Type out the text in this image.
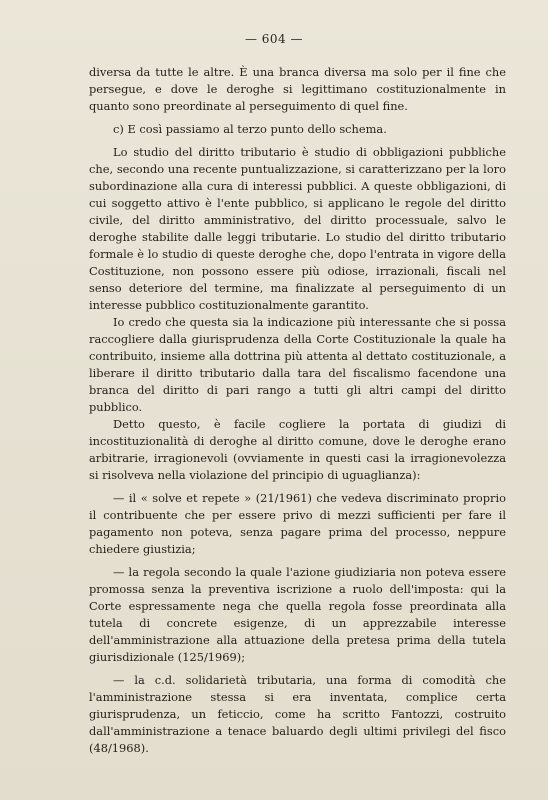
— 604 —

diversa da tutte le altre. È una branca diversa ma solo per il fine che persegue, e dove le deroghe si legittimano costituzionalmente in quanto sono preordinate al perseguimento di quel fine.

c) E così passiamo al terzo punto dello schema.

Lo studio del diritto tributario è studio di obbligazioni pubbliche che, secondo una recente puntualizzazione, si caratterizzano per la loro subordinazione alla cura di interessi pubblici. A queste obbligazioni, di cui soggetto attivo è l'ente pubblico, si applicano le regole del diritto civile, del diritto amministrativo, del diritto processuale, salvo le deroghe stabilite dalle leggi tributarie. Lo studio del diritto tributario formale è lo studio di queste deroghe che, dopo l'entrata in vigore della Costituzione, non possono essere più odiose, irrazionali, fiscali nel senso deteriore del termine, ma finalizzate al perseguimento di un interesse pubblico costituzionalmente garantito.

Io credo che questa sia la indicazione più interessante che si possa raccogliere dalla giurisprudenza della Corte Costituzionale la quale ha contribuito, insieme alla dottrina più attenta al dettato costituzionale, a liberare il diritto tributario dalla tara del fiscalismo facendone una branca del diritto di pari rango a tutti gli altri campi del diritto pubblico.

Detto questo, è facile cogliere la portata di giudizi di incostituzionalità di deroghe al diritto comune, dove le deroghe erano arbitrarie, irragionevoli (ovviamente in questi casi la irragionevolezza si risolveva nella violazione del principio di uguaglianza):

— il « solve et repete » (21/1961) che vedeva discriminato proprio il contribuente che per essere privo di mezzi sufficienti per fare il pagamento non poteva, senza pagare prima del processo, neppure chiedere giustizia;

— la regola secondo la quale l'azione giudiziaria non poteva essere promossa senza la preventiva iscrizione a ruolo dell'imposta: qui la Corte espressamente nega che quella regola fosse preordinata alla tutela di concrete esigenze, di un apprezzabile interesse dell'amministrazione alla attuazione della pretesa prima della tutela giurisdizionale (125/1969);

— la c.d. solidarietà tributaria, una forma di comodità che l'amministrazione stessa si era inventata, complice certa giurisprudenza, un feticcio, come ha scritto Fantozzi, costruito dall'amministrazione a tenace baluardo degli ultimi privilegi del fisco (48/1968).
